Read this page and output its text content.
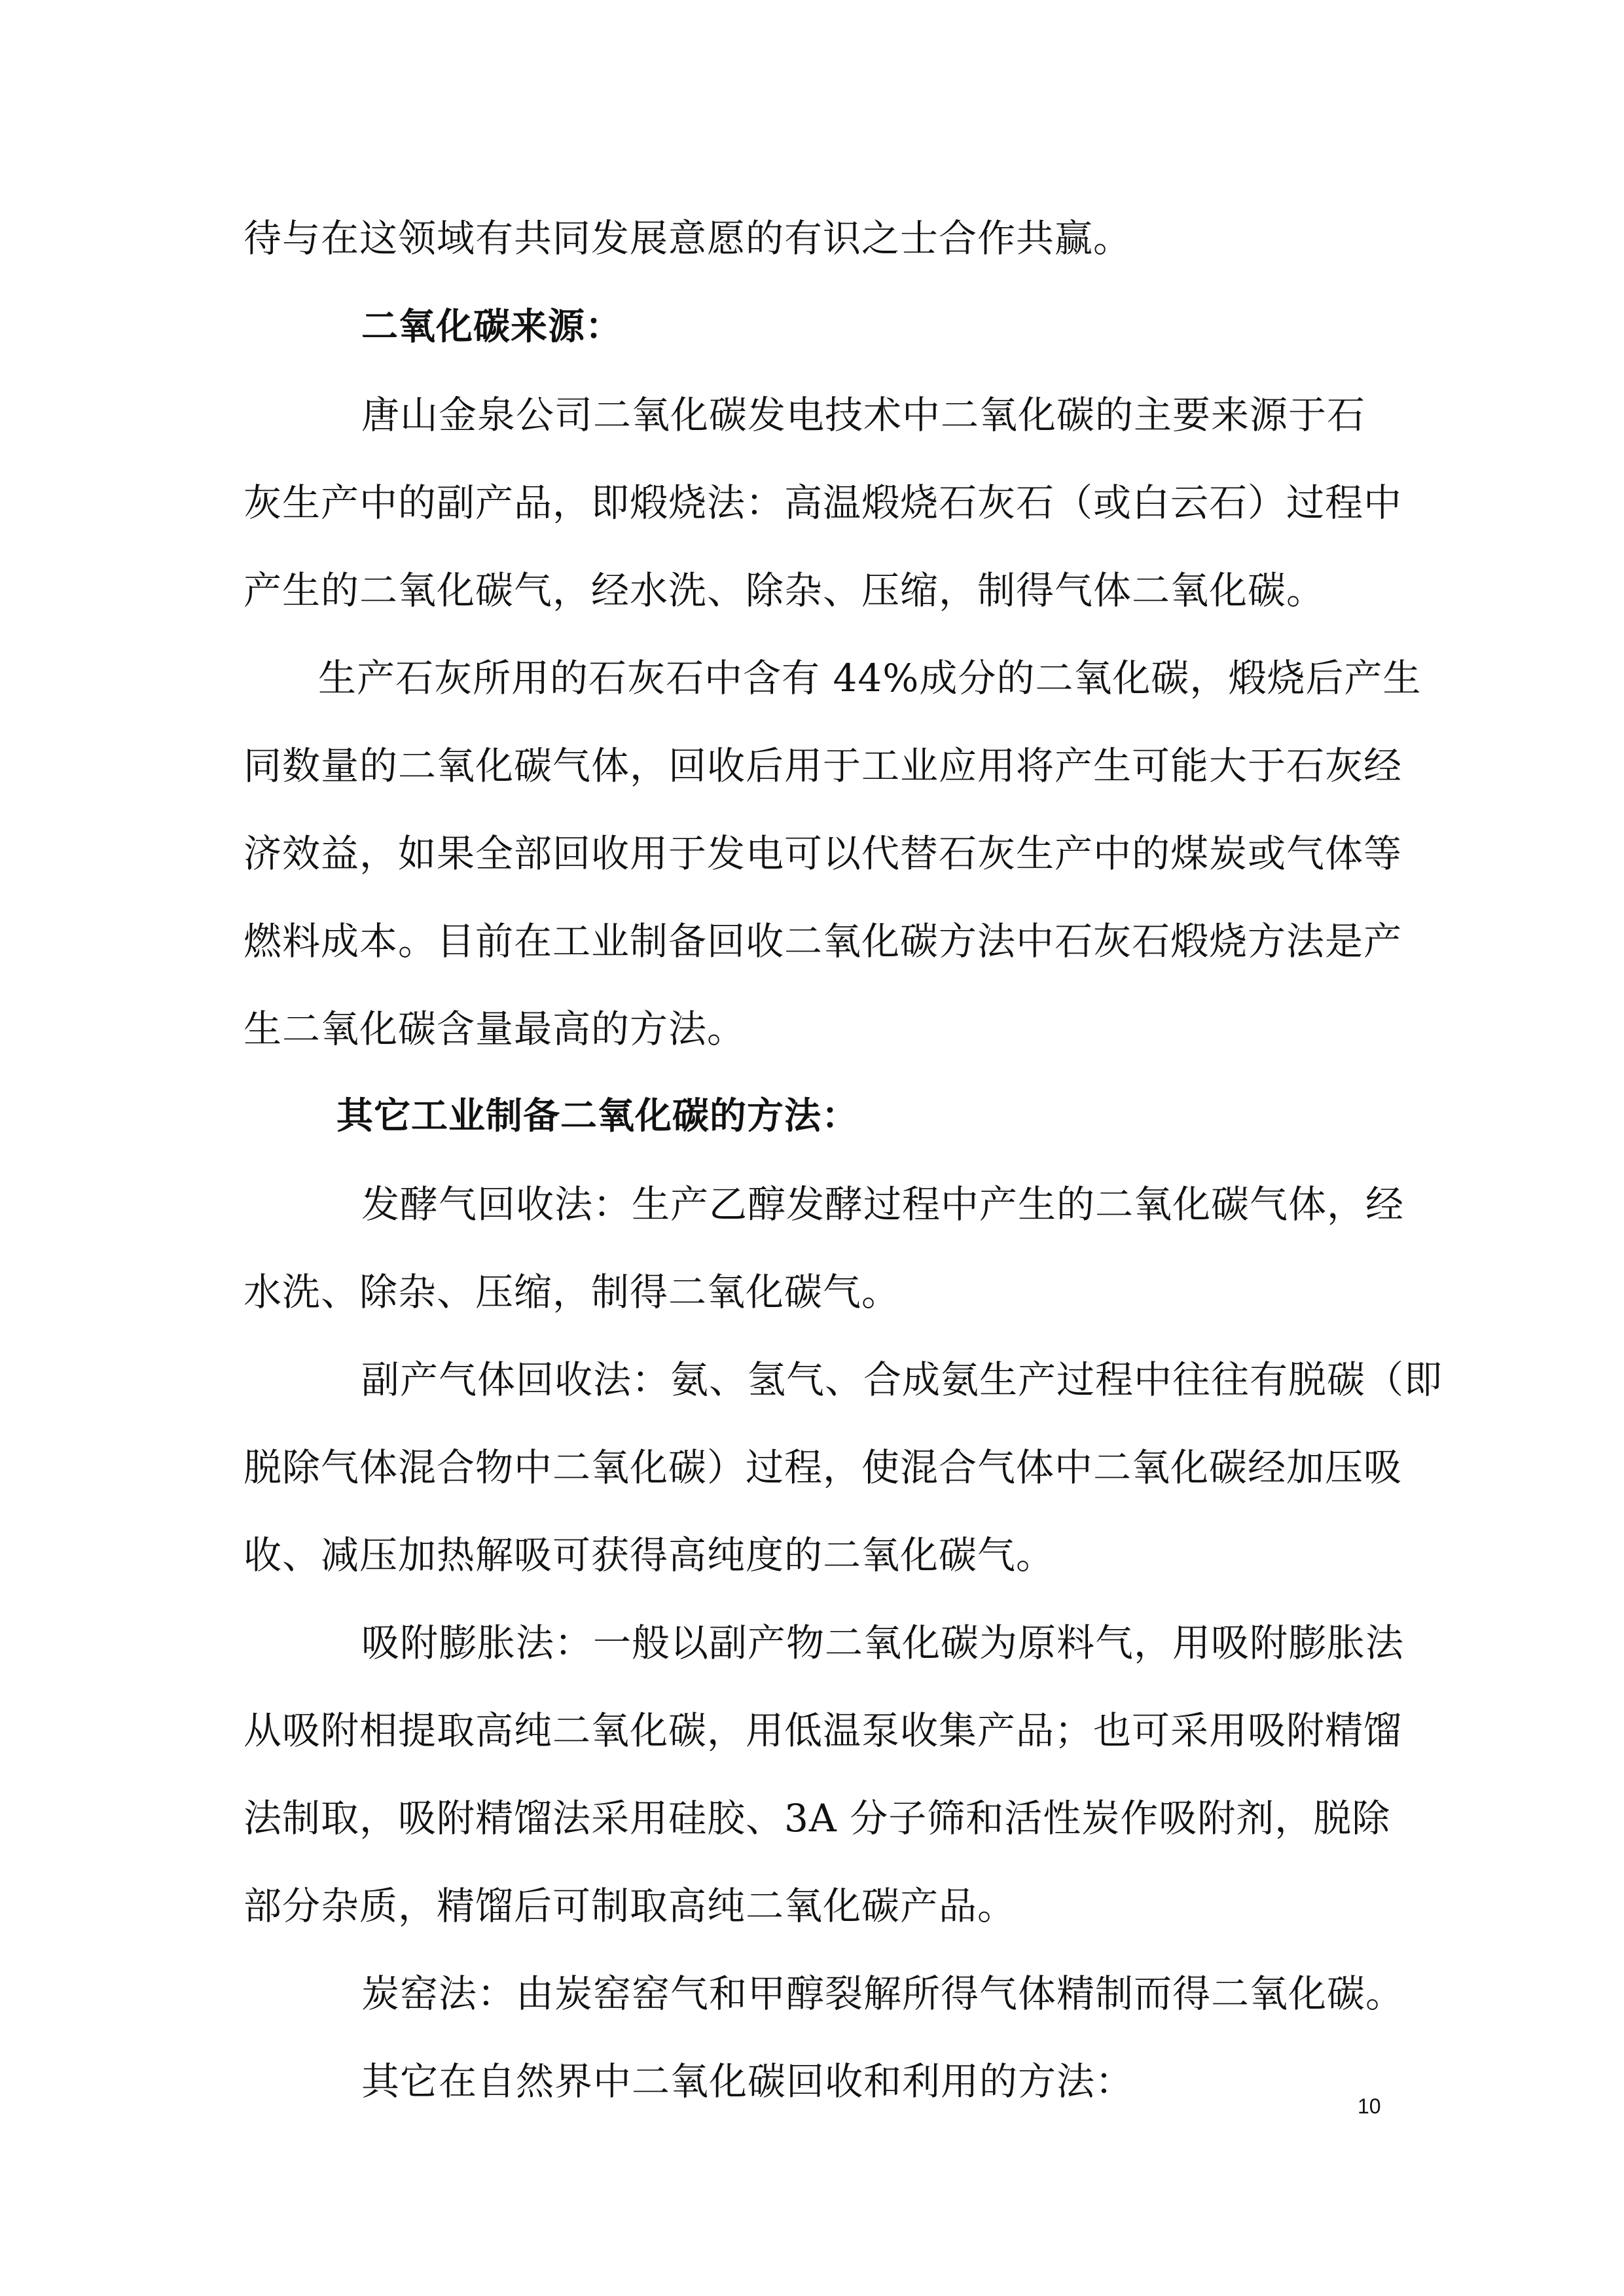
待与在这领域有共同发展意愿的有识之士合作共赢。
二氧化碳来源：
唐山金泉公司二氧化碳发电技术中二氧化碳的主要来源于石
灰生产中的副产品，即煅烧法：高温煅烧石灰石（或白云石）过程中
产生的二氧化碳气，经水洗、除杂、压缩，制得气体二氧化碳。
生产石灰所用的石灰石中含有 44%成分的二氧化碳，煅烧后产生
同数量的二氧化碳气体，回收后用于工业应用将产生可能大于石灰经
济效益，如果全部回收用于发电可以代替石灰生产中的煤炭或气体等
燃料成本。目前在工业制备回收二氧化碳方法中石灰石煅烧方法是产
生二氧化碳含量最高的方法。
其它工业制备二氧化碳的方法：
发酵气回收法：生产乙醇发酵过程中产生的二氧化碳气体，经
水洗、除杂、压缩，制得二氧化碳气。
副产气体回收法：氨、氢气、合成氨生产过程中往往有脱碳（即
脱除气体混合物中二氧化碳）过程，使混合气体中二氧化碳经加压吸
收、减压加热解吸可获得高纯度的二氧化碳气。
吸附膨胀法：一般以副产物二氧化碳为原料气，用吸附膨胀法
从吸附相提取高纯二氧化碳，用低温泵收集产品；也可采用吸附精馏
法制取，吸附精馏法采用硅胶、3A 分子筛和活性炭作吸附剂，脱除
部分杂质，精馏后可制取高纯二氧化碳产品。
炭窑法：由炭窑窑气和甲醇裂解所得气体精制而得二氧化碳。
其它在自然界中二氧化碳回收和利用的方法：
10
